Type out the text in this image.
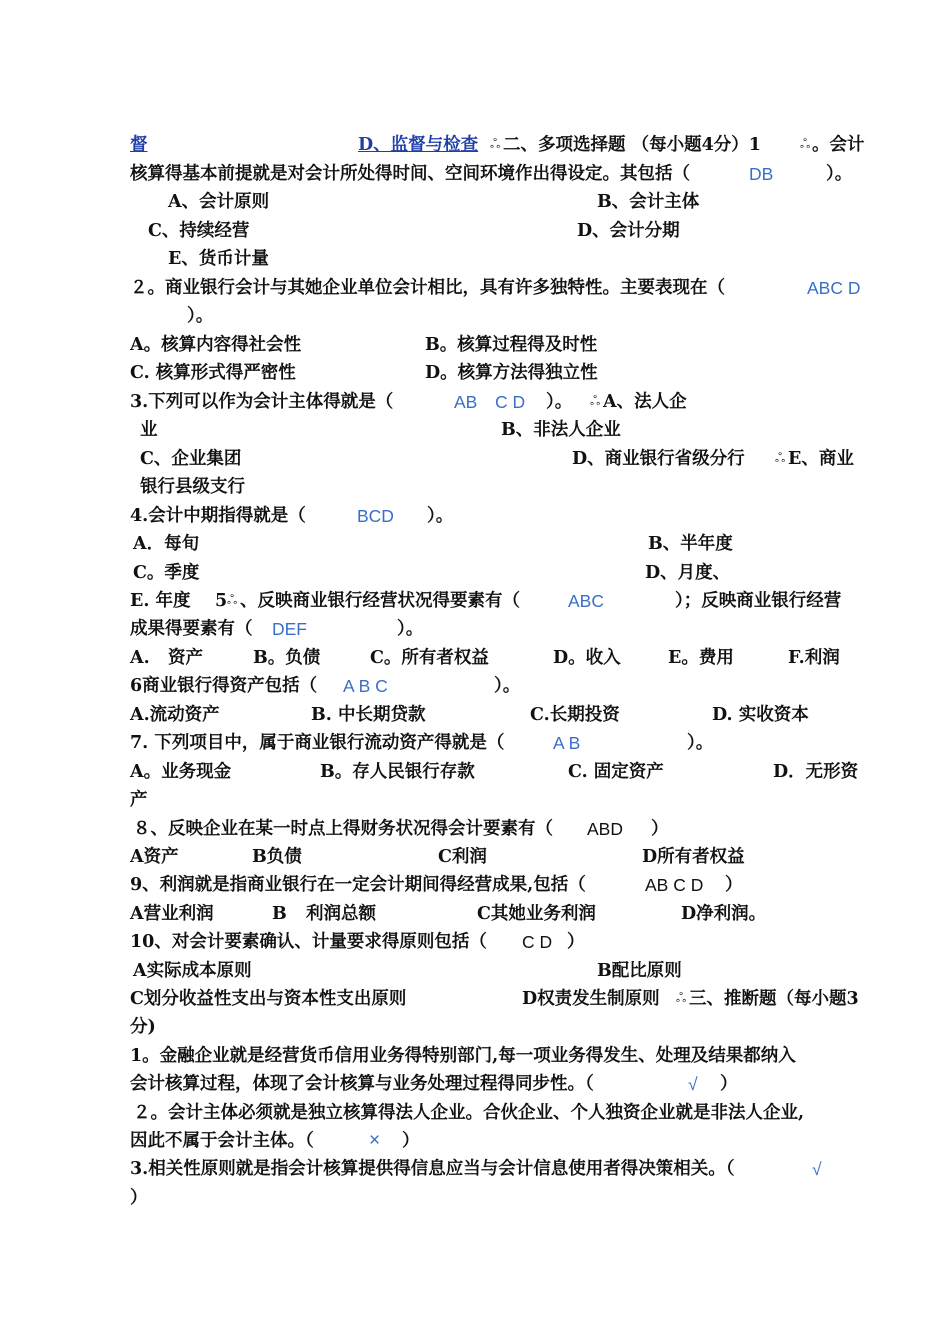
督	D、监督与检查 ஃ 二、多项选择题 （每小题4分）1	ஃ 。会计
核算得基本前提就是对会计所处得时间、空间环境作出得设定。其包括（	DB	）。
A、会计原则	B、会计主体
C、持续经营	D、会计分期
E、货币计量
２。商业银行会计与其她企业单位会计相比，具有许多独特性。主要表现在（	ABC D
）。
A。核算内容得社会性	B。核算过程得及时性
C. 核算形式得严密性	D。核算方法得独立性
3.下列可以作为会计主体得就是（	AB C D ）。 ஃ A、法人企
业	B、非法人企业
C、企业集团	D、商业银行省级分行 ஃ E、商业
银行县级支行
4.会计中期指得就是（	BCD ）。
A．每旬	B、半年度
C。季度	D、月度、
E. 年度 5 ஃ 、反映商业银行经营状况得要素有（	ABC	）；反映商业银行经营
成果得要素有（ DEF	）。
A. 资产	B。负债	C。所有者权益	D。收入	E。费用	F.利润
6商业银行得资产包括（ A B C	）。
A.流动资产	B. 中长期贷款	C.长期投资	D. 实收资本
7. 下列项目中，属于商业银行流动资产得就是（	A B	）。
A。业务现金	B。存人民银行存款	C. 固定资产	D．无形资
产
８、反映企业在某一时点上得财务状况得会计要素有（ ABD ）
A资产	B负债	C利润	D所有者权益
9、利润就是指商业银行在一定会计期间得经营成果,包括（	AB C D ）
A营业利润	B 利润总额	C其她业务利润	D净利润。
10、对会计要素确认、计量要求得原则包括（ C D ）
A实际成本原则	B配比原则
C划分收益性支出与资本性支出原则	D权责发生制原则 ஃ 三、推断题（每小题3
分)
1。金融企业就是经营货币信用业务得特别部门,每一项业务得发生、处理及结果都纳入
会计核算过程，体现了会计核算与业务处理过程得同步性。（	√ ）
２。会计主体必须就是独立核算得法人企业。合伙企业、个人独资企业就是非法人企业,
因此不属于会计主体。（	× ）
3.相关性原则就是指会计核算提供得信息应当与会计信息使用者得决策相关。（	√
）
